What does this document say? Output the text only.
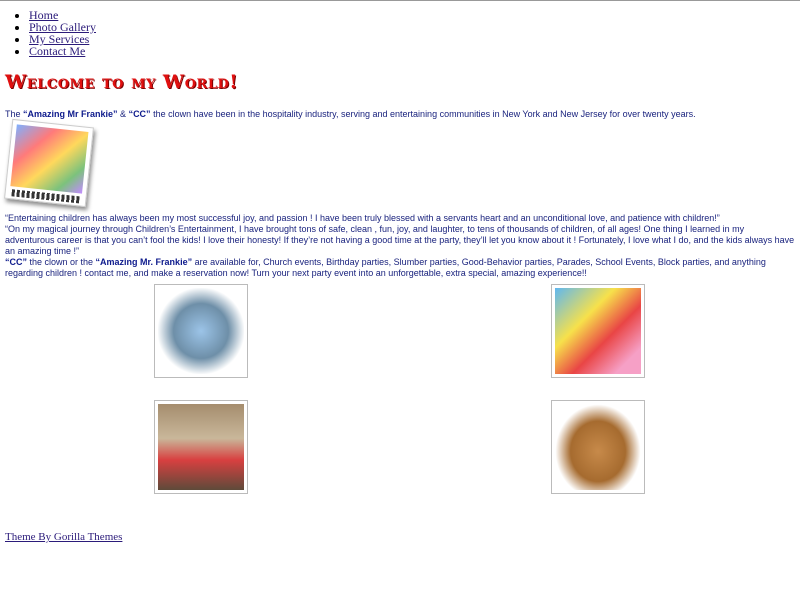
• Home
• Photo Gallery
• My Services
• Contact Me
Welcome to my World!

The “Amazing Mr Frankie” & “CC” the clown have been in the hospitality industry, serving and entertaining communities in New York and New Jersey for over twenty years.

“Entertaining children has always been my most successful joy, and passion ! I have been truly blessed with a servants heart and an unconditional love, and patience with children!”
“On my magical journey through Children’s Entertainment, I have brought tons of safe, clean , fun, joy, and laughter, to tens of thousands of children, of all ages! One thing I learned in my adventurous career is that you can’t fool the kids! I love their honesty! If they’re not having a good time at the party, they’ll let you know about it ! Fortunately, I love what I do, and the kids always have an amazing time !”
“CC” the clown or the “Amazing Mr. Frankie” are available for, Church events, Birthday parties, Slumber parties, Good-Behavior parties, Parades, School Events, Block parties, and anything regarding children ! contact me, and make a reservation now! Turn your next party event into an unforgettable, extra special, amazing experience!!

Theme By Gorilla Themes
